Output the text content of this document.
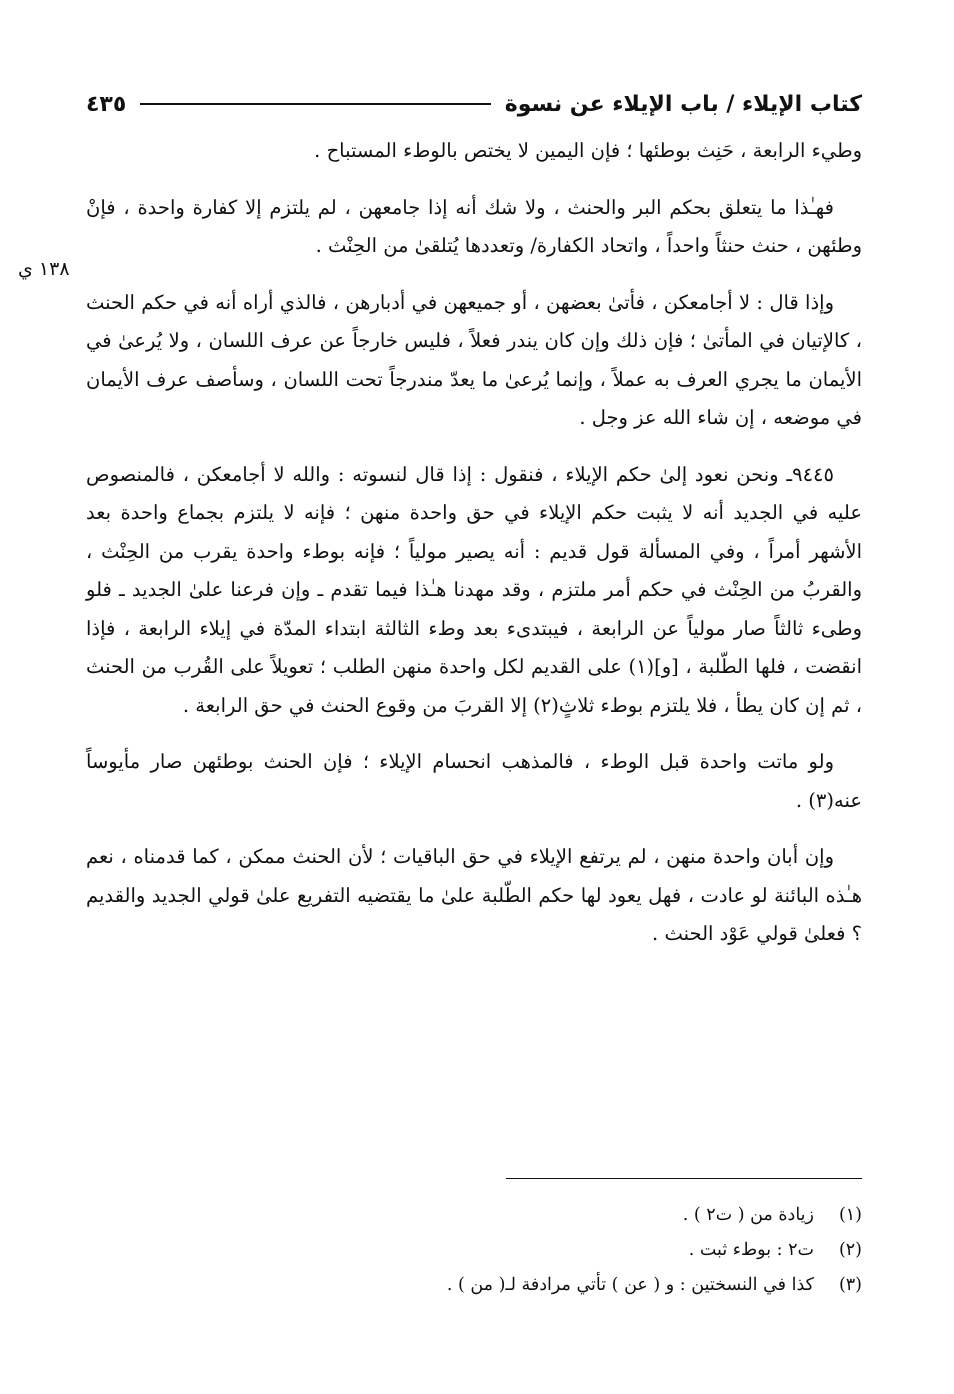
كتاب الإيلاء / باب الإيلاء عن نسوة
٤٣٥

وطيء الرابعة ، حَنِث بوطئها ؛ فإن اليمين لا يختص بالوطء المستباح .

فهـٰذا ما يتعلق بحكم البر والحنث ، ولا شك أنه إذا جامعهن ، لم يلتزم إلا كفارة واحدة ، فإنْ وطئهن ، حنث حنثاً واحداً ، واتحاد الكفارة/ وتعددها يُتلقىٰ من الحِنْث .

وإذا قال : لا أجامعكن ، فأتىٰ بعضهن ، أو جميعهن في أدبارهن ، فالذي أراه أنه في حكم الحنث ، كالإتيان في المأتىٰ ؛ فإن ذلك وإن كان يندر فعلاً ، فليس خارجاً عن عرف اللسان ، ولا يُرعىٰ في الأيمان ما يجري العرف به عملاً ، وإنما يُرعىٰ ما يعدّ مندرجاً تحت اللسان ، وسأصف عرف الأيمان في موضعه ، إن شاء الله عز وجل .

٩٤٤٥ـ ونحن نعود إلىٰ حكم الإيلاء ، فنقول : إذا قال لنسوته : والله لا أجامعكن ، فالمنصوص عليه في الجديد أنه لا يثبت حكم الإيلاء في حق واحدة منهن ؛ فإنه لا يلتزم بجماع واحدة بعد الأشهر أمراً ، وفي المسألة قول قديم : أنه يصير مولياً ؛ فإنه بوطء واحدة يقرب من الحِنْث ، والقربُ من الحِنْث في حكم أمر ملتزم ، وقد مهدنا هـٰذا فيما تقدم ـ وإن فرعنا علىٰ الجديد ـ فلو وطىء ثالثاً صار مولياً عن الرابعة ، فيبتدىء بعد وطء الثالثة ابتداء المدّة في إيلاء الرابعة ، فإذا انقضت ، فلها الطّلبة ، [و](١) على القديم لكل واحدة منهن الطلب ؛ تعويلاً على القُرب من الحنث ، ثم إن كان يطأ ، فلا يلتزم بوطء ثلاثٍ(٢) إلا القربَ من وقوع الحنث في حق الرابعة .

ولو ماتت واحدة قبل الوطء ، فالمذهب انحسام الإيلاء ؛ فإن الحنث بوطئهن صار مأيوساً عنه(٣) .

وإن أبان واحدة منهن ، لم يرتفع الإيلاء في حق الباقيات ؛ لأن الحنث ممكن ، كما قدمناه ، نعم هـٰذه البائنة لو عادت ، فهل يعود لها حكم الطّلبة علىٰ ما يقتضيه التفريع علىٰ قولي الجديد والقديم ؟ فعلىٰ قولي عَوْد الحنث .

(١)
زيادة من ( ت٢ ) .
(٢)
ت٢ : بوطء ثبت .
(٣)
كذا في النسختين : و ( عن ) تأتي مرادفة لـ( من ) .
١٣٨ ي
